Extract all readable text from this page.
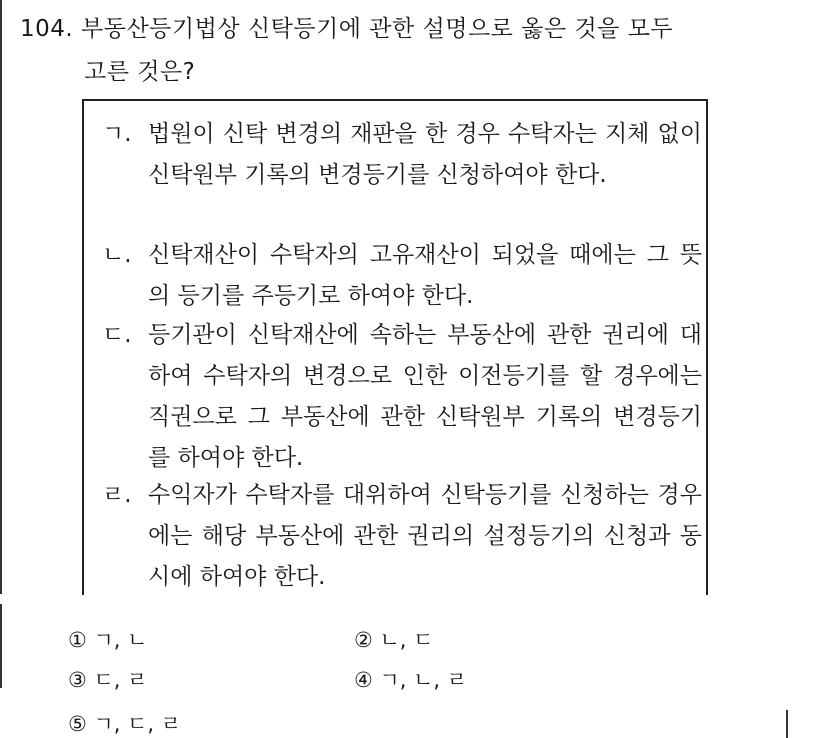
104. 부동산등기법상 신탁등기에 관한 설명으로 옳은 것을 모두
고른 것은?
ㄱ. 법원이 신탁 변경의 재판을 한 경우 수탁자는 지체 없이 신탁원부 기록의 변경등기를 신청하여야 한다.
ㄴ. 신탁재산이 수탁자의 고유재산이 되었을 때에는 그 뜻의 등기를 주등기로 하여야 한다.
ㄷ. 등기관이 신탁재산에 속하는 부동산에 관한 권리에 대하여 수탁자의 변경으로 인한 이전등기를 할 경우에는 직권으로 그 부동산에 관한 신탁원부 기록의 변경등기를 하여야 한다.
ㄹ. 수익자가 수탁자를 대위하여 신탁등기를 신청하는 경우에는 해당 부동산에 관한 권리의 설정등기의 신청과 동시에 하여야 한다.
① ㄱ, ㄴ	② ㄴ, ㄷ
③ ㄷ, ㄹ	④ ㄱ, ㄴ, ㄹ
⑤ ㄱ, ㄷ, ㄹ
